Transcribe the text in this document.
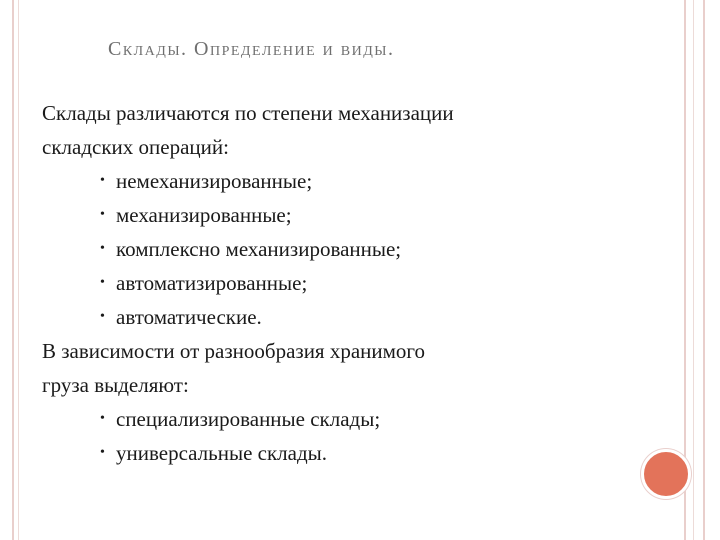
Склады. Определение и виды.

Склады различаются по степени механизации
складских операций:

• немеханизированные;
• механизированные;
• комплексно механизированные;
• автоматизированные;
• автоматические.

В зависимости от разнообразия хранимого
груза выделяют:

• специализированные склады;
• универсальные склады.
